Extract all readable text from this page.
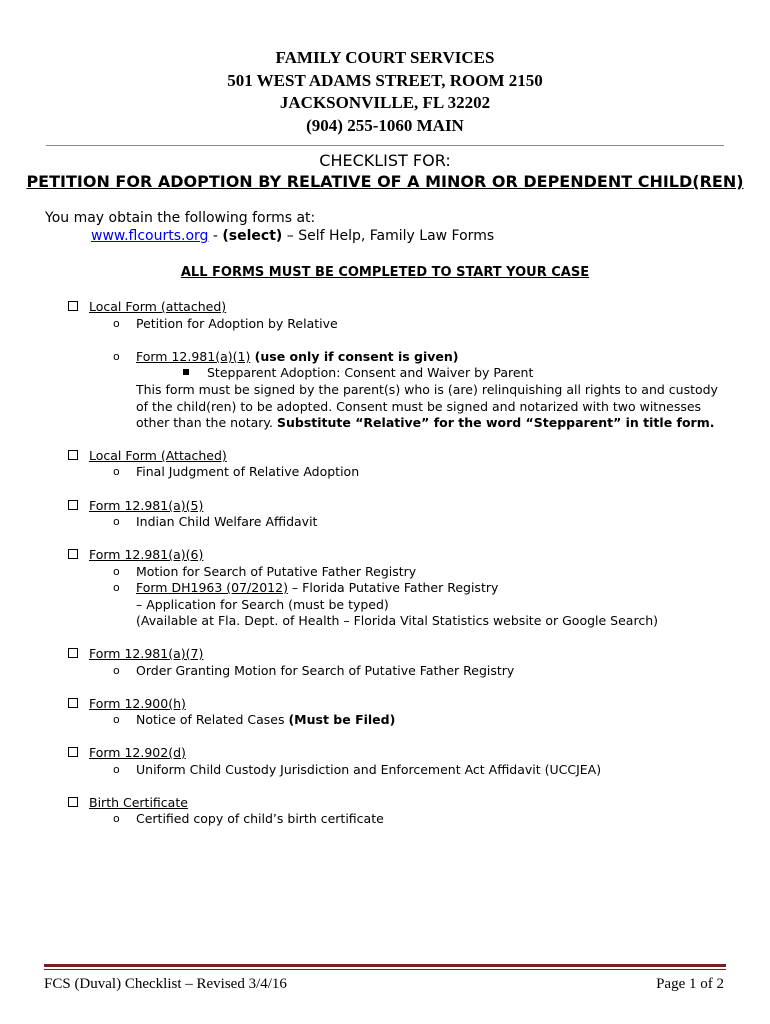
FAMILY COURT SERVICES
501 WEST ADAMS STREET, ROOM 2150
JACKSONVILLE, FL 32202
(904) 255-1060 MAIN
CHECKLIST FOR:
PETITION FOR ADOPTION BY RELATIVE OF A MINOR OR DEPENDENT CHILD(REN)
You may obtain the following forms at:
www.flcourts.org - (select) – Self Help, Family Law Forms
ALL FORMS MUST BE COMPLETED TO START YOUR CASE
Local Form (attached)
o	Petition for Adoption by Relative
o	Form 12.981(a)(1) (use only if consent is given)
Stepparent Adoption: Consent and Waiver by Parent
This form must be signed by the parent(s) who is (are) relinquishing all rights to and custody
of the child(ren) to be adopted. Consent must be signed and notarized with two witnesses
other than the notary. Substitute “Relative” for the word “Stepparent” in title form.
Local Form (Attached)
o	Final Judgment of Relative Adoption
Form 12.981(a)(5)
o	Indian Child Welfare Affidavit
Form 12.981(a)(6)
o	Motion for Search of Putative Father Registry
o	Form DH1963 (07/2012) – Florida Putative Father Registry
– Application for Search (must be typed)
(Available at Fla. Dept. of Health – Florida Vital Statistics website or Google Search)
Form 12.981(a)(7)
o	Order Granting Motion for Search of Putative Father Registry
Form 12.900(h)
o	Notice of Related Cases (Must be Filed)
Form 12.902(d)
o	Uniform Child Custody Jurisdiction and Enforcement Act Affidavit (UCCJEA)
Birth Certificate
o	Certified copy of child’s birth certificate
FCS (Duval) Checklist – Revised 3/4/16	Page 1 of 2
